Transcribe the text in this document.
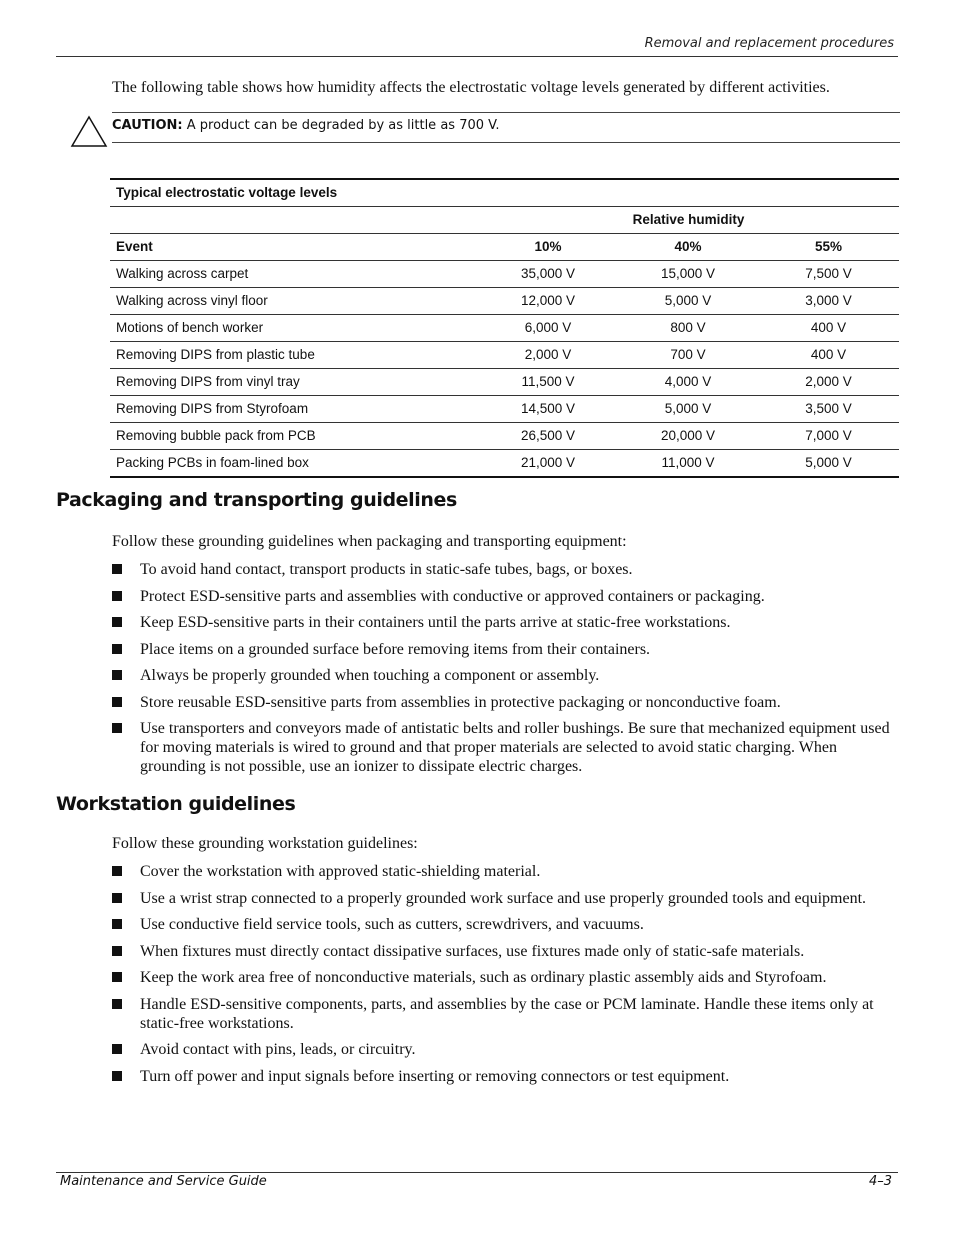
Removal and replacement procedures

The following table shows how humidity affects the electrostatic voltage levels generated by different activities.

CAUTION: A product can be degraded by as little as 700 V.
Typical electrostatic voltage levels			
	Relative humidity		
Event	10%	40%	55%
Walking across carpet	35,000 V	15,000 V	7,500 V
Walking across vinyl floor	12,000 V	5,000 V	3,000 V
Motions of bench worker	6,000 V	800 V	400 V
Removing DIPS from plastic tube	2,000 V	700 V	400 V
Removing DIPS from vinyl tray	11,500 V	4,000 V	2,000 V
Removing DIPS from Styrofoam	14,500 V	5,000 V	3,500 V
Removing bubble pack from PCB	26,500 V	20,000 V	7,000 V
Packing PCBs in foam-lined box	21,000 V	11,000 V	5,000 V
Packaging and transporting guidelines

Follow these grounding guidelines when packaging and transporting equipment:

To avoid hand contact, transport products in static-safe tubes, bags, or boxes.
Protect ESD-sensitive parts and assemblies with conductive or approved containers or packaging.
Keep ESD-sensitive parts in their containers until the parts arrive at static-free workstations.
Place items on a grounded surface before removing items from their containers.
Always be properly grounded when touching a component or assembly.
Store reusable ESD-sensitive parts from assemblies in protective packaging or nonconductive foam.
Use transporters and conveyors made of antistatic belts and roller bushings. Be sure that mechanized equipment used for moving materials is wired to ground and that proper materials are selected to avoid static charging. When grounding is not possible, use an ionizer to dissipate electric charges.
Workstation guidelines

Follow these grounding workstation guidelines:

Cover the workstation with approved static-shielding material.
Use a wrist strap connected to a properly grounded work surface and use properly grounded tools and equipment.
Use conductive field service tools, such as cutters, screwdrivers, and vacuums.
When fixtures must directly contact dissipative surfaces, use fixtures made only of static-safe materials.
Keep the work area free of nonconductive materials, such as ordinary plastic assembly aids and Styrofoam.
Handle ESD-sensitive components, parts, and assemblies by the case or PCM laminate. Handle these items only at static-free workstations.
Avoid contact with pins, leads, or circuitry.
Turn off power and input signals before inserting or removing connectors or test equipment.
Maintenance and Service Guide	4–3
